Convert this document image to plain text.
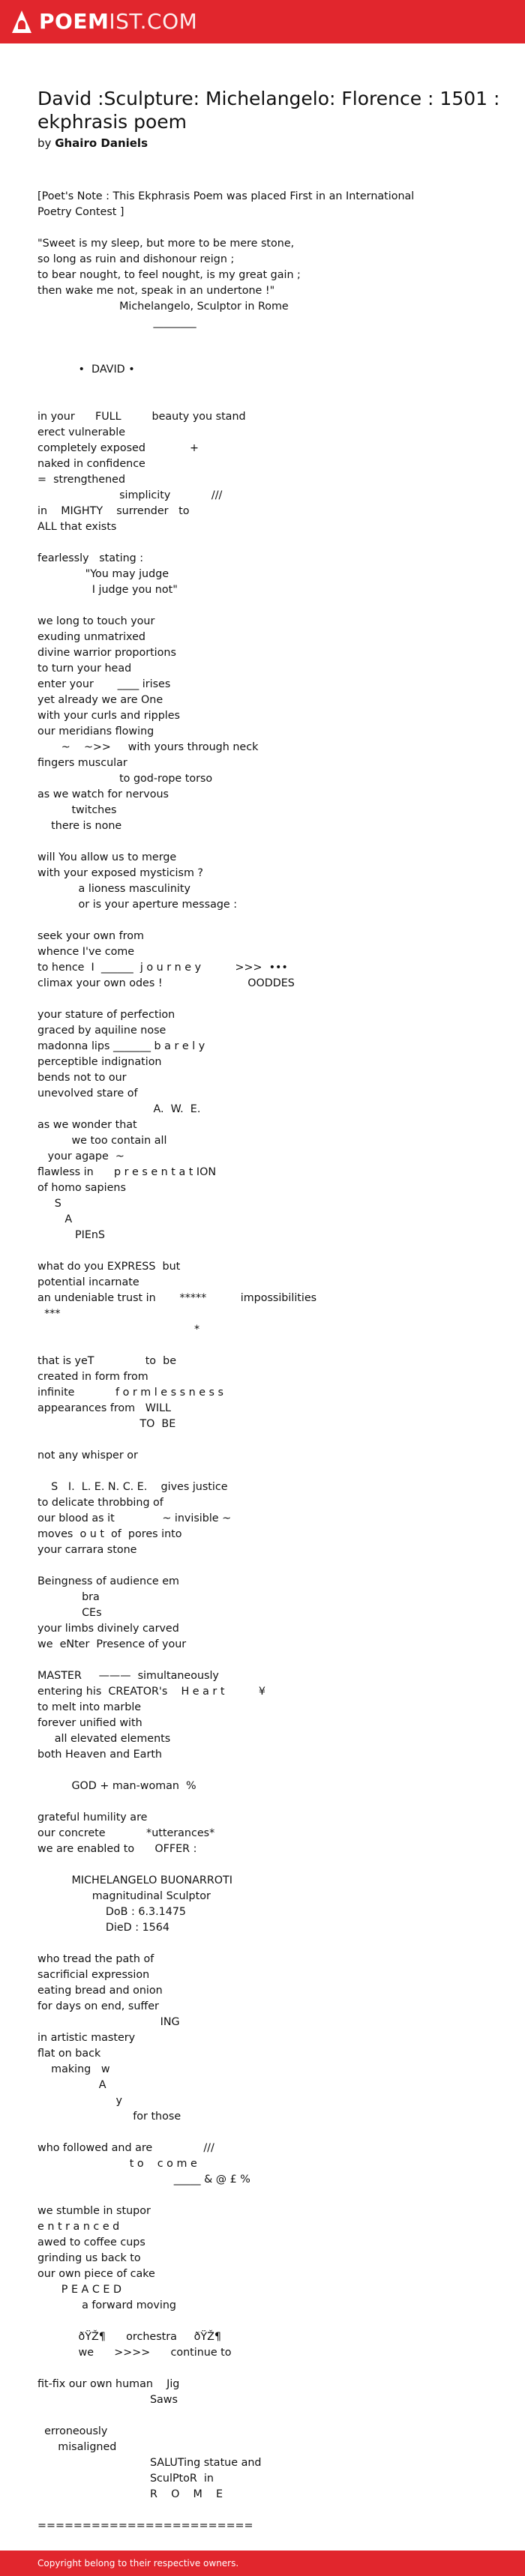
POEMIST.COM
David :Sculpture: Michelangelo: Florence : 1501 : ekphrasis poem
by Ghairo Daniels
[Poet's Note : This Ekphrasis Poem was placed First in an International
Poetry Contest ]

"Sweet is my sleep, but more to be mere stone,
so long as ruin and dishonour reign ;
to bear nought, to feel nought, is my great gain ;
then wake me not, speak in an undertone !"
Michelangelo, Sculptor in Rome
________

•  DAVID •

in your      FULL         beauty you stand
erect vulnerable
completely exposed             +
naked in confidence
=  strengthened
simplicity            ///
in    MIGHTY    surrender   to
ALL that exists

fearlessly   stating :
"You may judge
I judge you not"

we long to touch your
exuding unmatrixed
divine warrior proportions
to turn your head
enter your       ____ irises
yet already we are One
with your curls and ripples
our meridians flowing
~    ~>>     with yours through neck
fingers muscular
to god-rope torso
as we watch for nervous
twitches
there is none

will You allow us to merge
with your exposed mysticism ?
a lioness masculinity
or is your aperture message :

seek your own from
whence I've come
to hence  I  ______  j o u r n e y          >>>  •••
climax your own odes !                         OODDES

your stature of perfection
graced by aquiline nose
madonna lips _______ b a r e l y
perceptible indignation
bends not to our
unevolved stare of
A.  W.  E.
as we wonder that
we too contain all
your agape  ~
flawless in      p r e s e n t a t ION
of homo sapiens
S
A
PIEnS

what do you EXPRESS  but
potential incarnate
an undeniable trust in       *****          impossibilities
***
*

that is yeT               to  be
created in form from
infinite            f o r m l e s s n e s s
appearances from   WILL
TO  BE

not any whisper or

S   I.  L. E. N. C. E.    gives justice
to delicate throbbing of
our blood as it              ~ invisible ~
moves  o u t  of  pores into
your carrara stone

Beingness of audience em
bra
CEs
your limbs divinely carved
we  eNter  Presence of your

MASTER     ———  simultaneously
entering his  CREATOR's    H e a r t          ¥
to melt into marble
forever unified with
all elevated elements
both Heaven and Earth

GOD + man-woman  %

grateful humility are
our concrete            *utterances*
we are enabled to      OFFER :

MICHELANGELO BUONARROTI
magnitudinal Sculptor
DoB : 6.3.1475
DieD : 1564

who tread the path of
sacrificial expression
eating bread and onion
for days on end, suffer
ING
in artistic mastery
flat on back
making   w
A
y
for those

who followed and are               ///
t o    c o m e
_____ & @ £ %

we stumble in stupor
e n t r a n c e d
awed to coffee cups
grinding us back to
our own piece of cake
P E A C E D
a forward moving

ðŸŽ¶      orchestra     ðŸŽ¶
we      >>>>      continue to

fit-fix our own human    Jig
Saws

erroneously
misaligned
SALUTing statue and
SculPtoR  in
R    O    M    E

========================
Copyright belong to their respective owners.
